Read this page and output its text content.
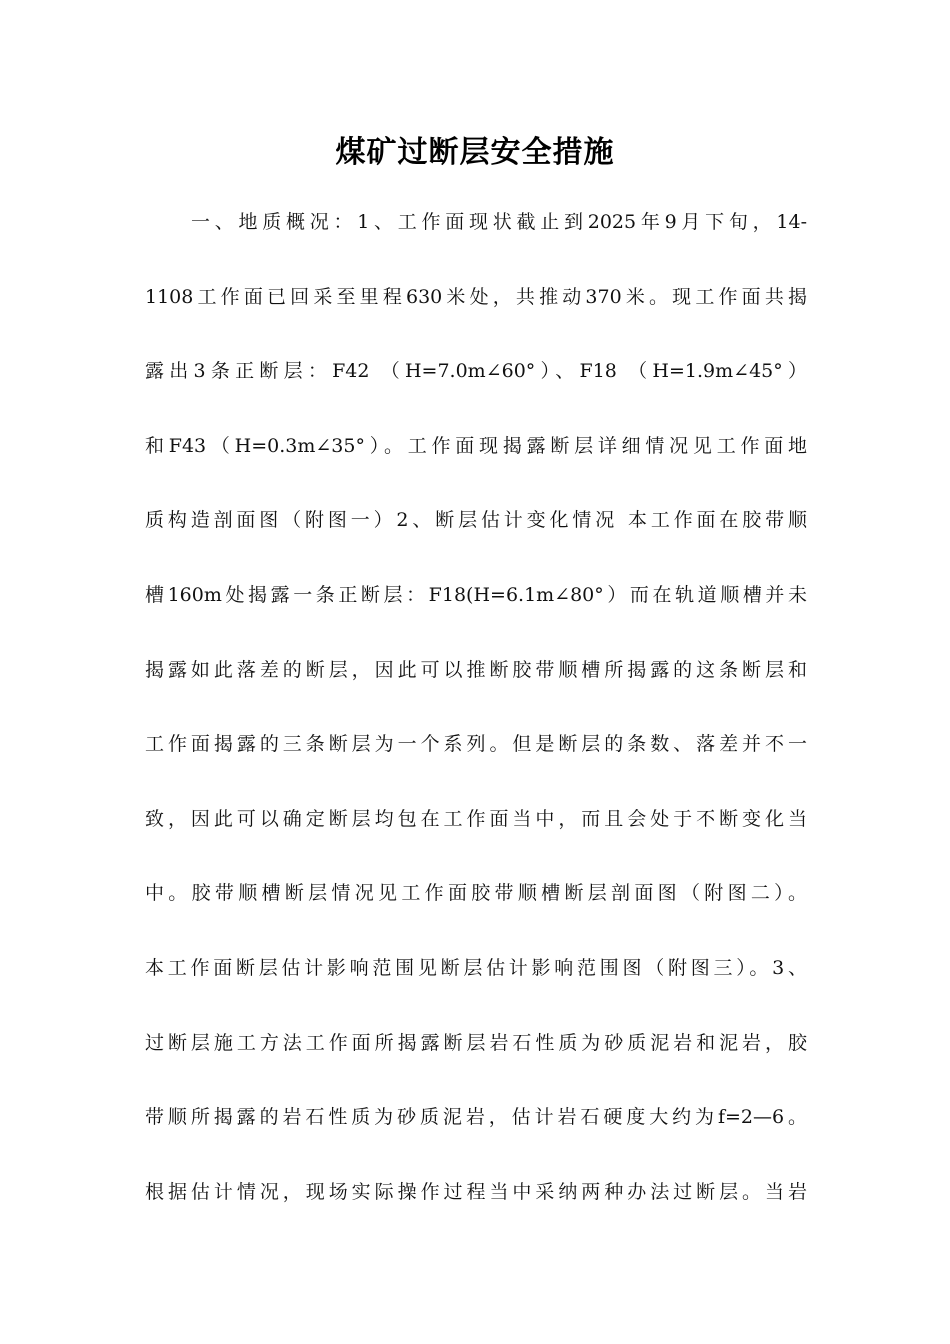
煤矿过断层安全措施
一、地质概况：1、工作面现状截止到2025年9月下旬，14-
1108工作面已回采至里程630米处，共推动370米。现工作面共揭
露出3条正断层：F42 （H=7.0m∠60°）、F18 （H=1.9m∠45°）
和F43（H=0.3m∠35°）。工作面现揭露断层详细情况见工作面地
质构造剖面图（附图一）2、断层估计变化情况 本工作面在胶带顺
槽160m处揭露一条正断层：F18(H=6.1m∠80°）而在轨道顺槽并未
揭露如此落差的断层，因此可以推断胶带顺槽所揭露的这条断层和
工作面揭露的三条断层为一个系列。但是断层的条数、落差并不一
致，因此可以确定断层均包在工作面当中，而且会处于不断变化当
中。胶带顺槽断层情况见工作面胶带顺槽断层剖面图（附图二）。
本工作面断层估计影响范围见断层估计影响范围图（附图三）。3、
过断层施工方法工作面所揭露断层岩石性质为砂质泥岩和泥岩，胶
带顺所揭露的岩石性质为砂质泥岩，估计岩石硬度大约为f=2—6。
根据估计情况，现场实际操作过程当中采纳两种办法过断层。当岩
